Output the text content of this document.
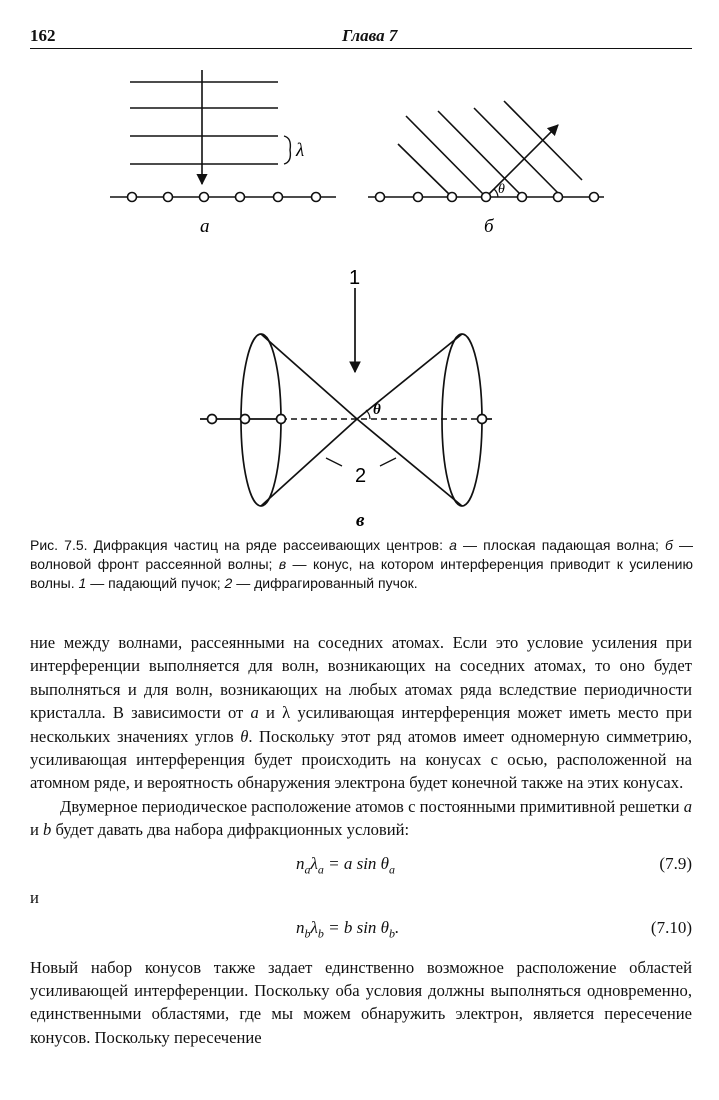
162	Глава 7
λ
а
θ
б
1
θ
2
в

Рис. 7.5. Дифракция частиц на ряде рассеивающих центров: а — плоская падающая волна; б — волновой фронт рассеянной волны; в — конус, на котором интерференция приводит к усилению волны. 1 — падающий пучок; 2 — дифрагированный пучок.

ние между волнами, рассеянными на соседних атомах. Если это условие усиления при интерференции выполняется для волн, возникающих на соседних атомах, то оно будет выполняться и для волн, возникающих на любых атомах ряда вследствие периодичности кристалла. В зависимости от a и λ усиливающая интерференция может иметь место при нескольких значениях углов θ. Поскольку этот ряд атомов имеет одномерную симметрию, усиливающая интерференция будет происходить на конусах с осью, расположенной на атомном ряде, и вероятность обнаружения электрона будет конечной также на этих конусах.

Двумерное периодическое расположение атомов с постоянными примитивной решетки a и b будет давать два набора дифракционных условий:

$n_a\lambda_a = a$ $\sin \theta_a$	(7.9)
и
$n_b\lambda_b = b$ $\sin \theta_b$.	(7.10)

Новый набор конусов также задает единственно возможное расположение областей усиливающей интерференции. Поскольку оба условия должны выполняться одновременно, единственными областями, где мы можем обнаружить электрон, является пересечение конусов. Поскольку пересечение
